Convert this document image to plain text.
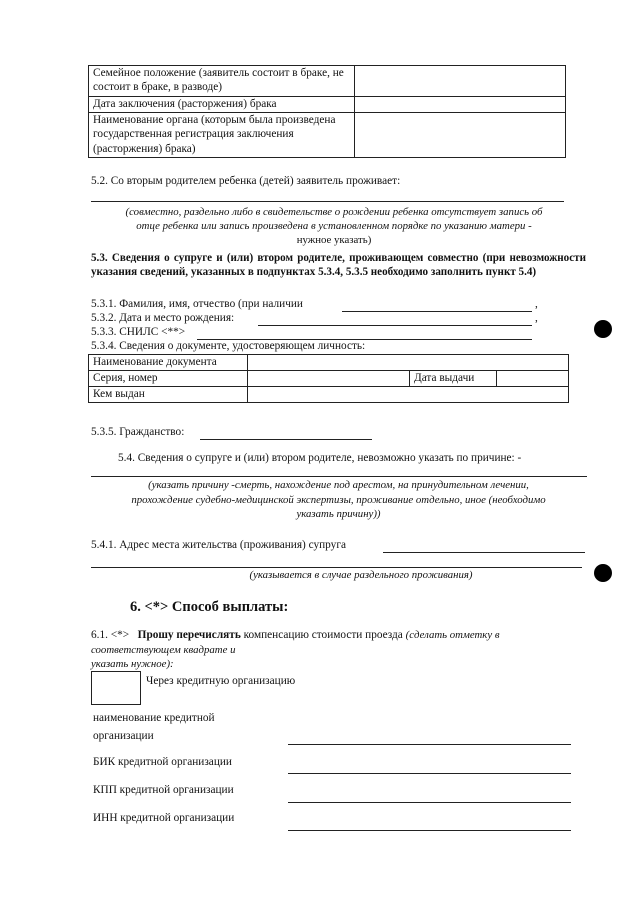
Семейное положение (заявитель состоит в браке, не состоит в браке, в разводе)	
Дата заключения (расторжения) брака	
Наименование органа (которым была произведена государственная регистрация заключения (расторжения) брака)	
5.2. Со вторым родителем ребенка (детей) заявитель проживает:
(совместно, раздельно либо в свидетельстве о рождении ребенка отсутствует запись об
отце ребенка или запись произведена в установленном порядке по указанию матери -
нужное указать)
5.3. Сведения о супруге и (или) втором родителе, проживающем совместно (при невозможности указания сведений, указанных в подпунктах 5.3.4, 5.3.5 необходимо заполнить пункт 5.4)
5.3.1. Фамилия, имя, отчество (при наличии	,
5.3.2. Дата и место рождения:	,
5.3.3. СНИЛС <**>
5.3.4. Сведения о документе, удостоверяющем личность:
Наименование документа			
Серия, номер		Дата выдачи	
Кем выдан			
5.3.5. Гражданство:
5.4. Сведения о супруге и (или) втором родителе, невозможно указать по причине: -
(указать причину -смерть, нахождение под арестом, на принудительном лечении,
прохождение судебно-медицинской экспертизы, проживание отдельно, иное (необходимо
указать причину))
5.4.1. Адрес места жительства (проживания) супруга
(указывается в случае раздельного проживания)
6. <*> Способ выплаты:
6.1. <*> Прошу перечислять компенсацию стоимости проезда (сделать отметку в
соответствующем квадрате и
указать нужное):
Через кредитную организацию
наименование кредитной
организации
БИК кредитной организации
КПП кредитной организации
ИНН кредитной организации
